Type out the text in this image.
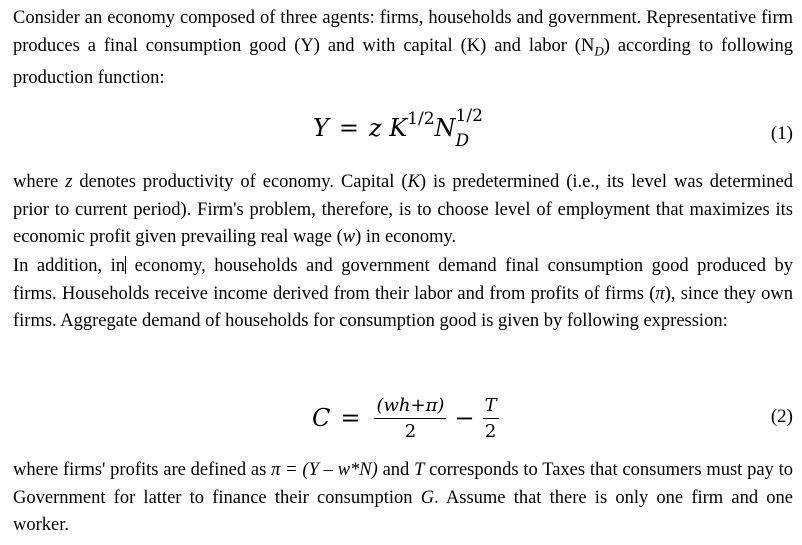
Consider an economy composed of three agents: firms, households and government. Representative firm produces a final consumption good (Y) and with capital (K) and labor $(N_D)$ according to following production function:

Y = z $K^{1/2}N$ 1/2
D	(1)

where z denotes productivity of economy. Capital (K) is predetermined (i.e., its level was determined prior to current period). Firm's problem, therefore, is to choose level of employment that maximizes its economic profit given prevailing real wage (w) in economy.

In addition, in economy, households and government demand final consumption good produced by firms. Households receive income derived from their labor and from profits of firms (π), since they own firms. Aggregate demand of households for consumption good is given by following expression:

$C = \frac{(wh+\pi)}{2} - \frac{T}{2}$	(2)

where firms' profits are defined as π = (Y – w*N) and T corresponds to Taxes that consumers must pay to Government for latter to finance their consumption G. Assume that there is only one firm and one worker.
